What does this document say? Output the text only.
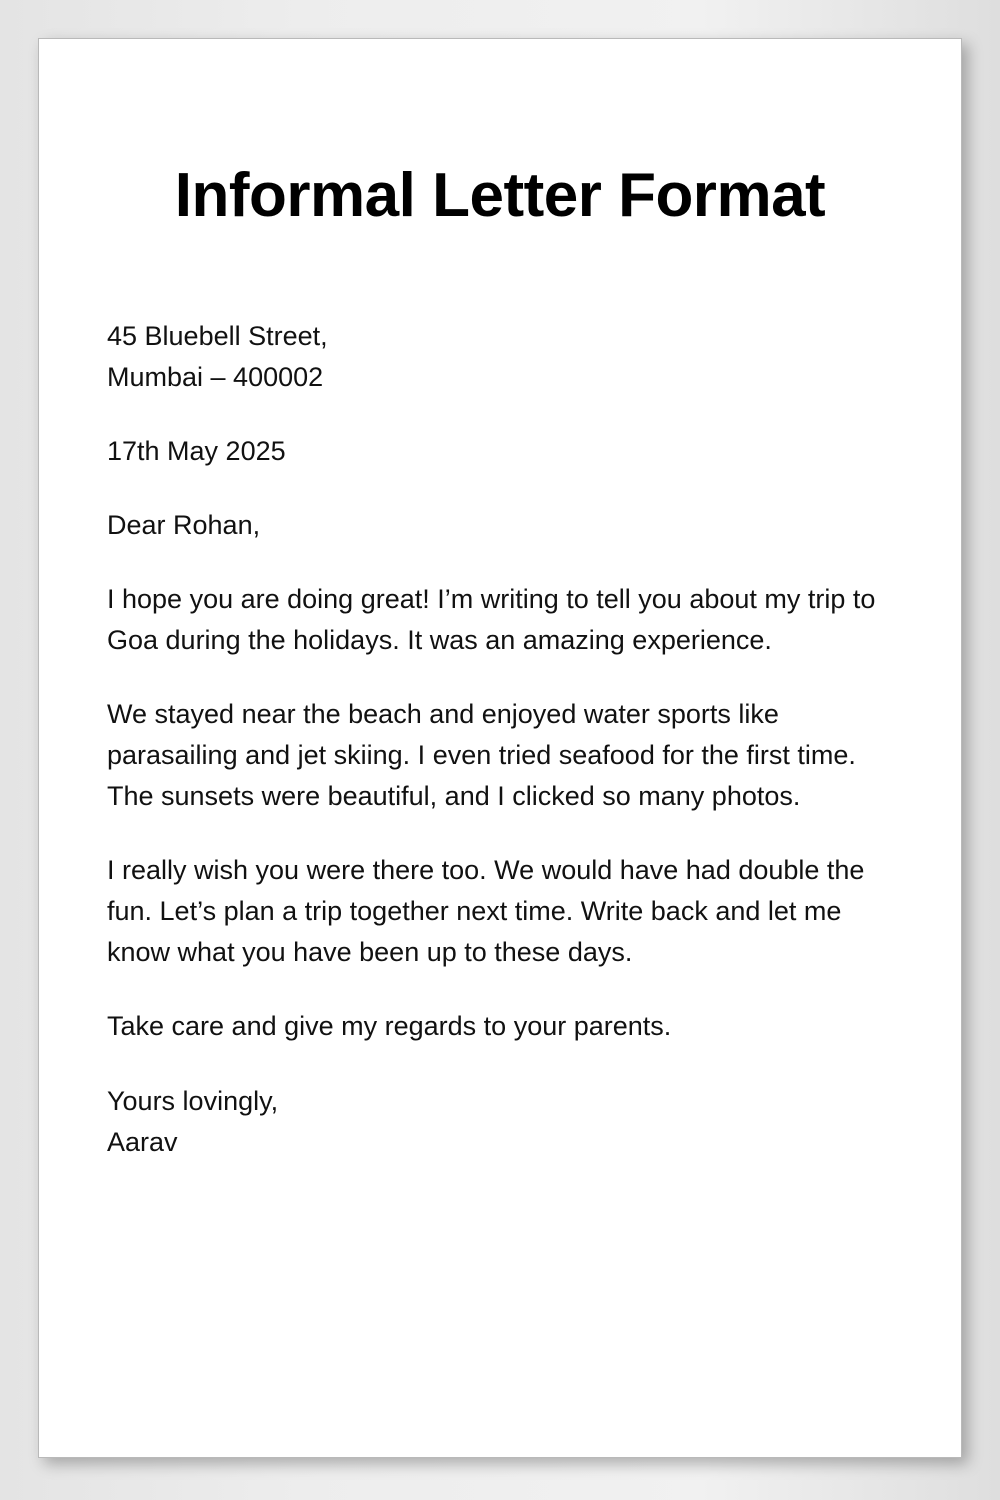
Informal Letter Format
45 Bluebell Street,
Mumbai – 400002
17th May 2025
Dear Rohan,

I hope you are doing great! I’m writing to tell you about my trip to Goa during the holidays. It was an amazing experience.

We stayed near the beach and enjoyed water sports like parasailing and jet skiing. I even tried seafood for the first time. The sunsets were beautiful, and I clicked so many photos.

I really wish you were there too. We would have had double the fun. Let’s plan a trip together next time. Write back and let me know what you have been up to these days.

Take care and give my regards to your parents.

Yours lovingly,
Aarav
